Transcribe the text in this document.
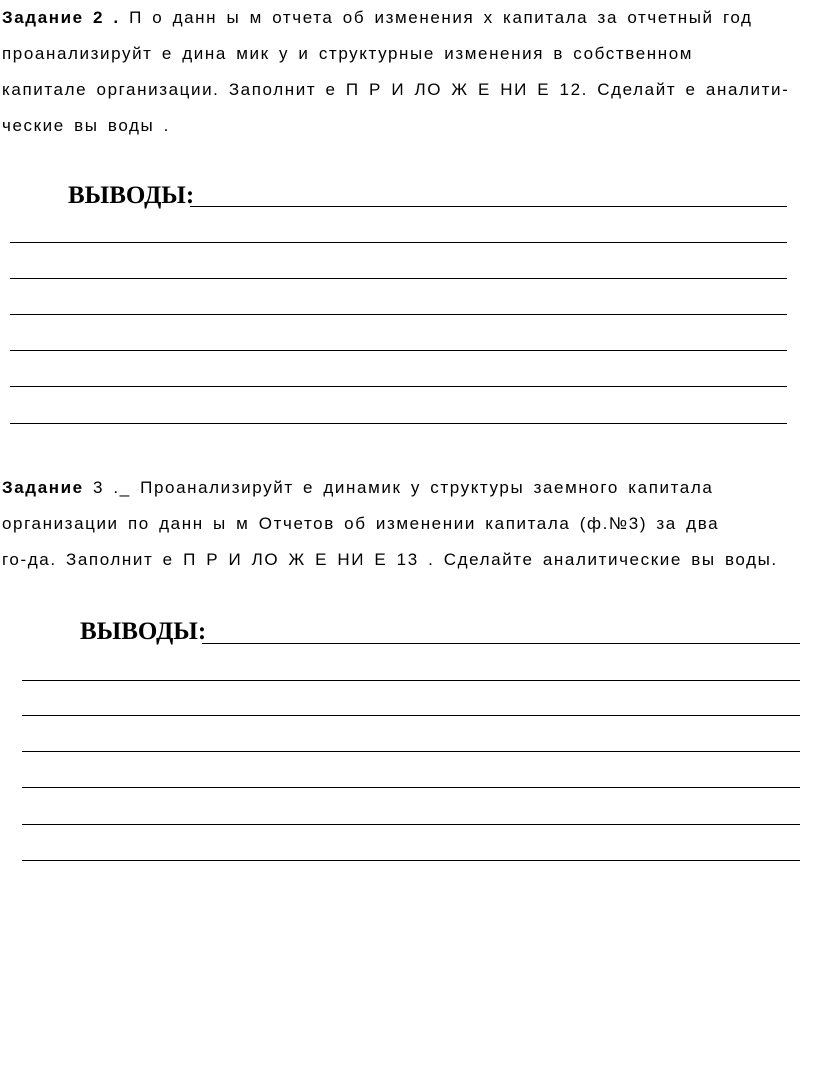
Задание 2 . П о данн ы м отчета об изменения х капитала за отчетный год
проанализируйт е дина мик у и структурные изменения в собственном
капитале организации. Заполнит е П Р И ЛО Ж Е НИ Е 12. Сделайт е аналити-
ческие вы воды .
ВЫВОДЫ:
Задание 3 ._ Проанализируйт е динамик у структуры заемного капитала
организации по данн ы м Отчетов об изменении капитала (ф.№3) за два
го-да. Заполнит е П Р И ЛО Ж Е НИ Е 13 . Сделайте аналитические вы воды.
ВЫВОДЫ:
